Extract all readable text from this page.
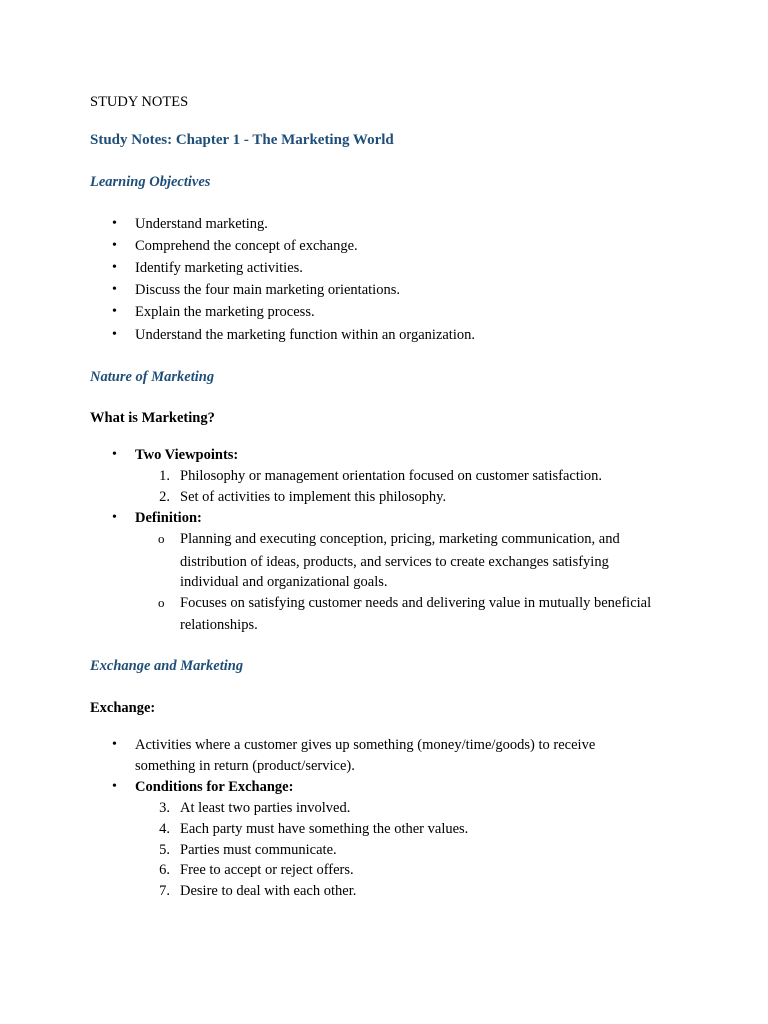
STUDY NOTES
Study Notes: Chapter 1 - The Marketing World
Learning Objectives
• Understand marketing.
• Comprehend the concept of exchange.
• Identify marketing activities.
• Discuss the four main marketing orientations.
• Explain the marketing process.
• Understand the marketing function within an organization.
Nature of Marketing
What is Marketing?
• Two Viewpoints:
1. Philosophy or management orientation focused on customer satisfaction.
2. Set of activities to implement this philosophy.
• Definition:
o Planning and executing conception, pricing, marketing communication, and
distribution of ideas, products, and services to create exchanges satisfying
individual and organizational goals.
o Focuses on satisfying customer needs and delivering value in mutually beneficial
relationships.
Exchange and Marketing
Exchange:
• Activities where a customer gives up something (money/time/goods) to receive
something in return (product/service).
• Conditions for Exchange:
3. At least two parties involved.
4. Each party must have something the other values.
5. Parties must communicate.
6. Free to accept or reject offers.
7. Desire to deal with each other.
